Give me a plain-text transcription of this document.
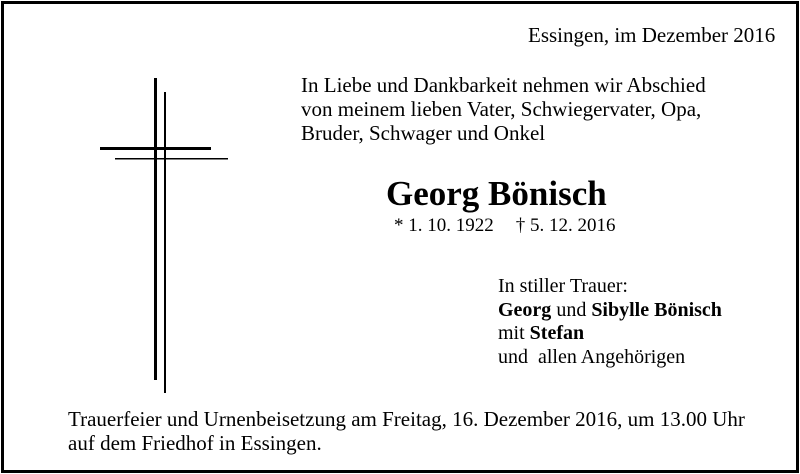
Essingen, im Dezember 2016
In Liebe und Dankbarkeit nehmen wir Abschied
von meinem lieben Vater, Schwiegervater, Opa,
Bruder, Schwager und Onkel
Georg Bönisch
* 1. 10. 1922 † 5. 12. 2016
In stiller Trauer:
Georg und Sibylle Bönisch
mit Stefan
und  allen Angehörigen
Trauerfeier und Urnenbeisetzung am Freitag, 16. Dezember 2016, um 13.00 Uhr
auf dem Friedhof in Essingen.
